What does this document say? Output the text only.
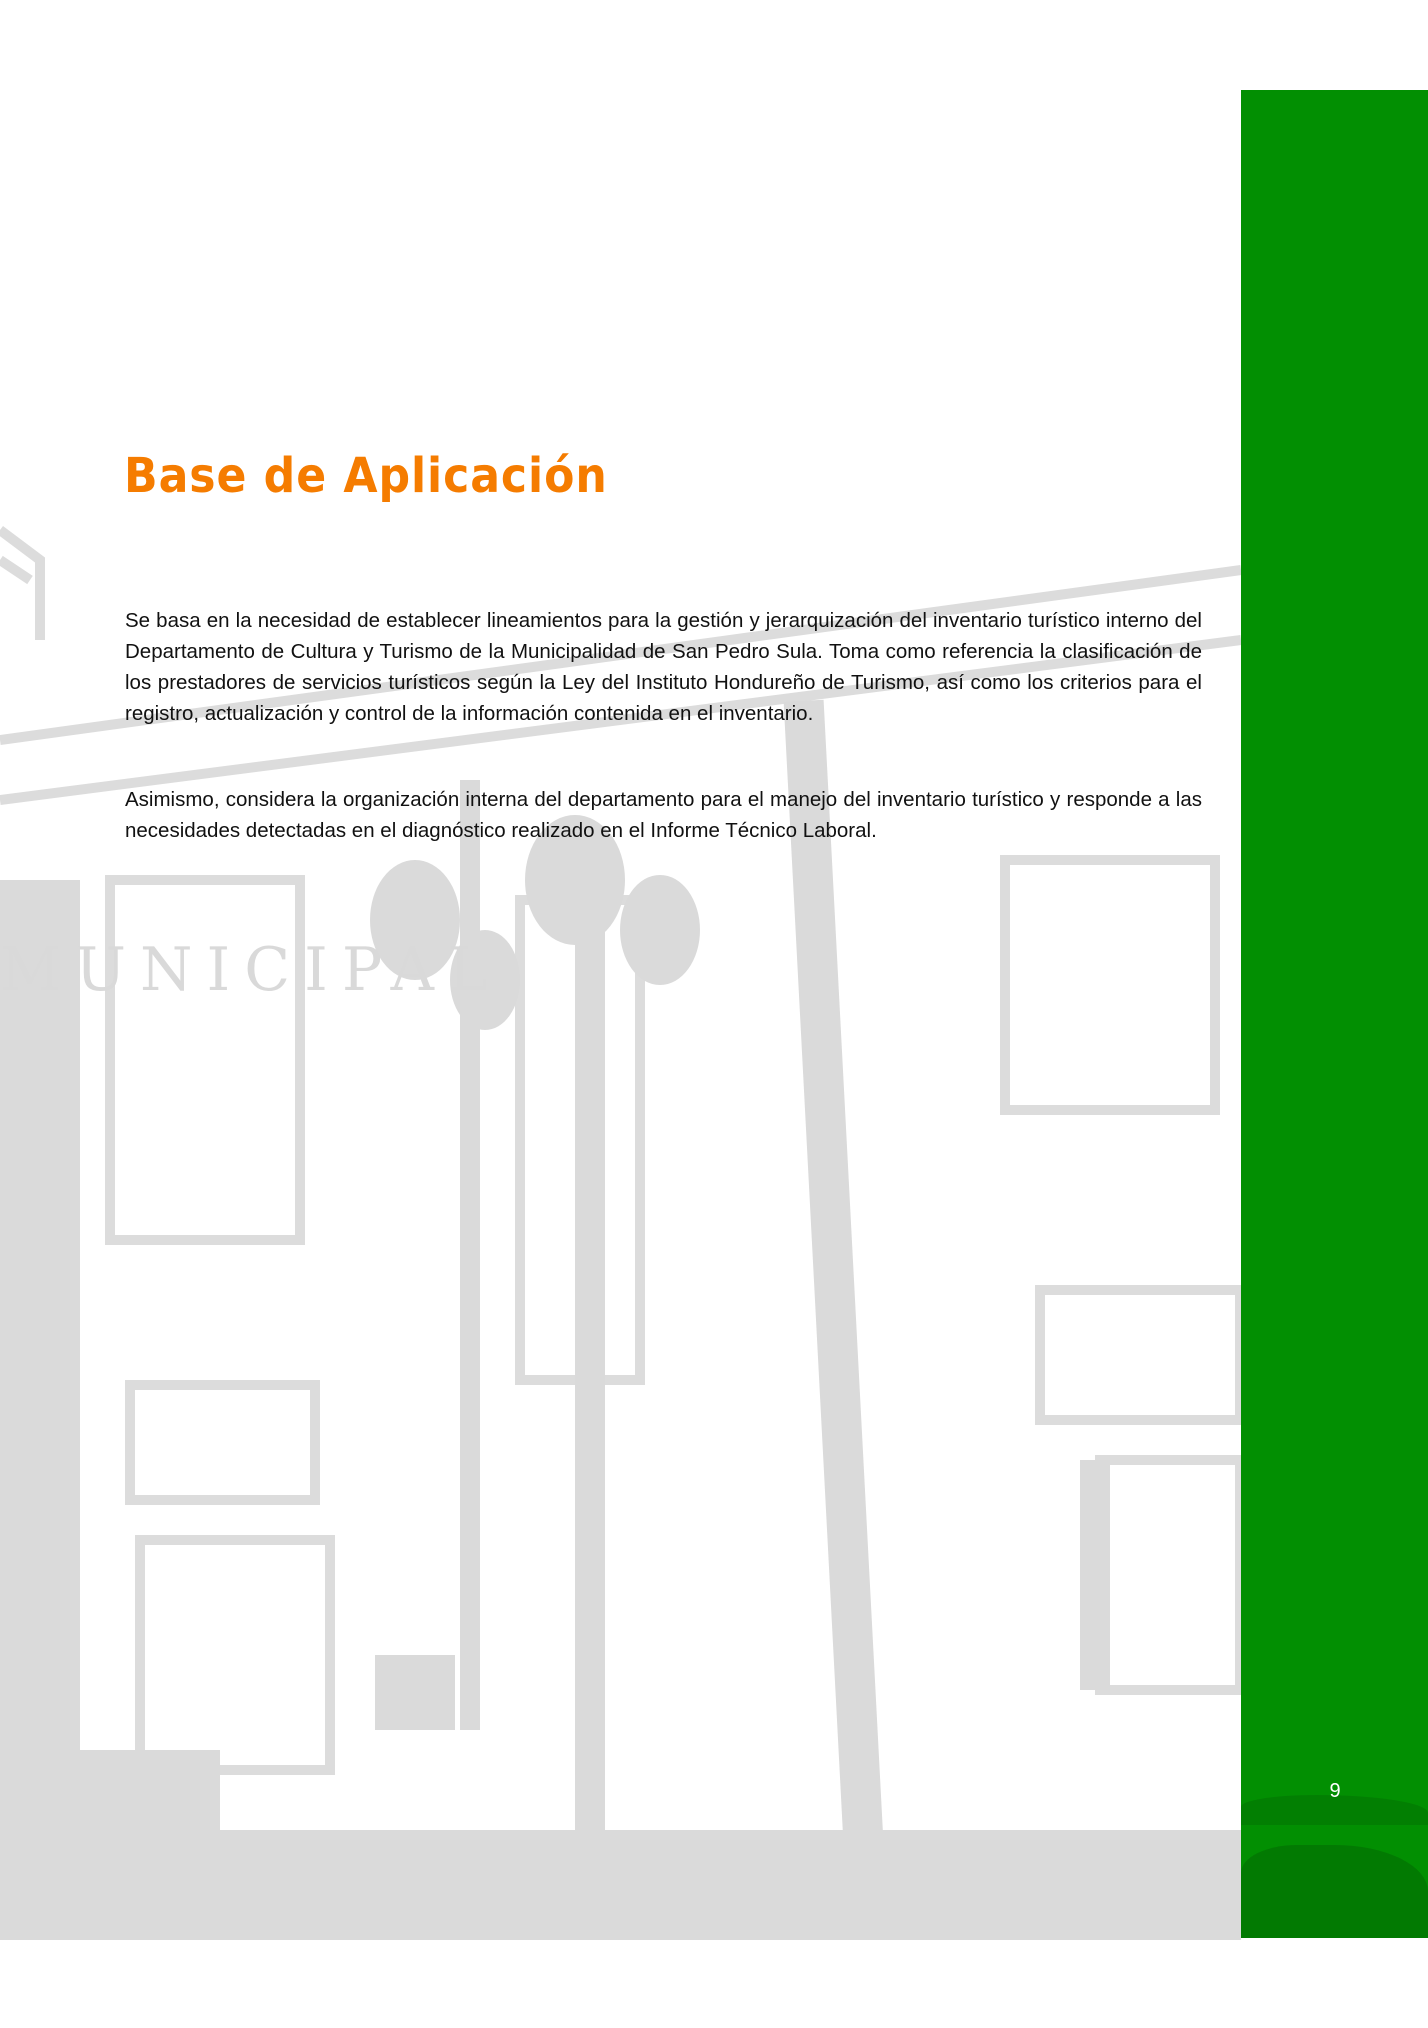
MUNICIPAL
9
Base de Aplicación

Se basa en la necesidad de establecer lineamientos para la gestión y jerarquización del inventario turístico interno del Departamento de Cultura y Turismo de la Municipalidad de San Pedro Sula. Toma como referencia la clasificación de los prestadores de servicios turísticos según la Ley del Instituto Hondureño de Turismo, así como los criterios para el registro, actualización y control de la información contenida en el inventario.

Asimismo, considera la organización interna del departamento para el manejo del inventario turístico y responde a las necesidades detectadas en el diagnóstico realizado en el Informe Técnico Laboral.
